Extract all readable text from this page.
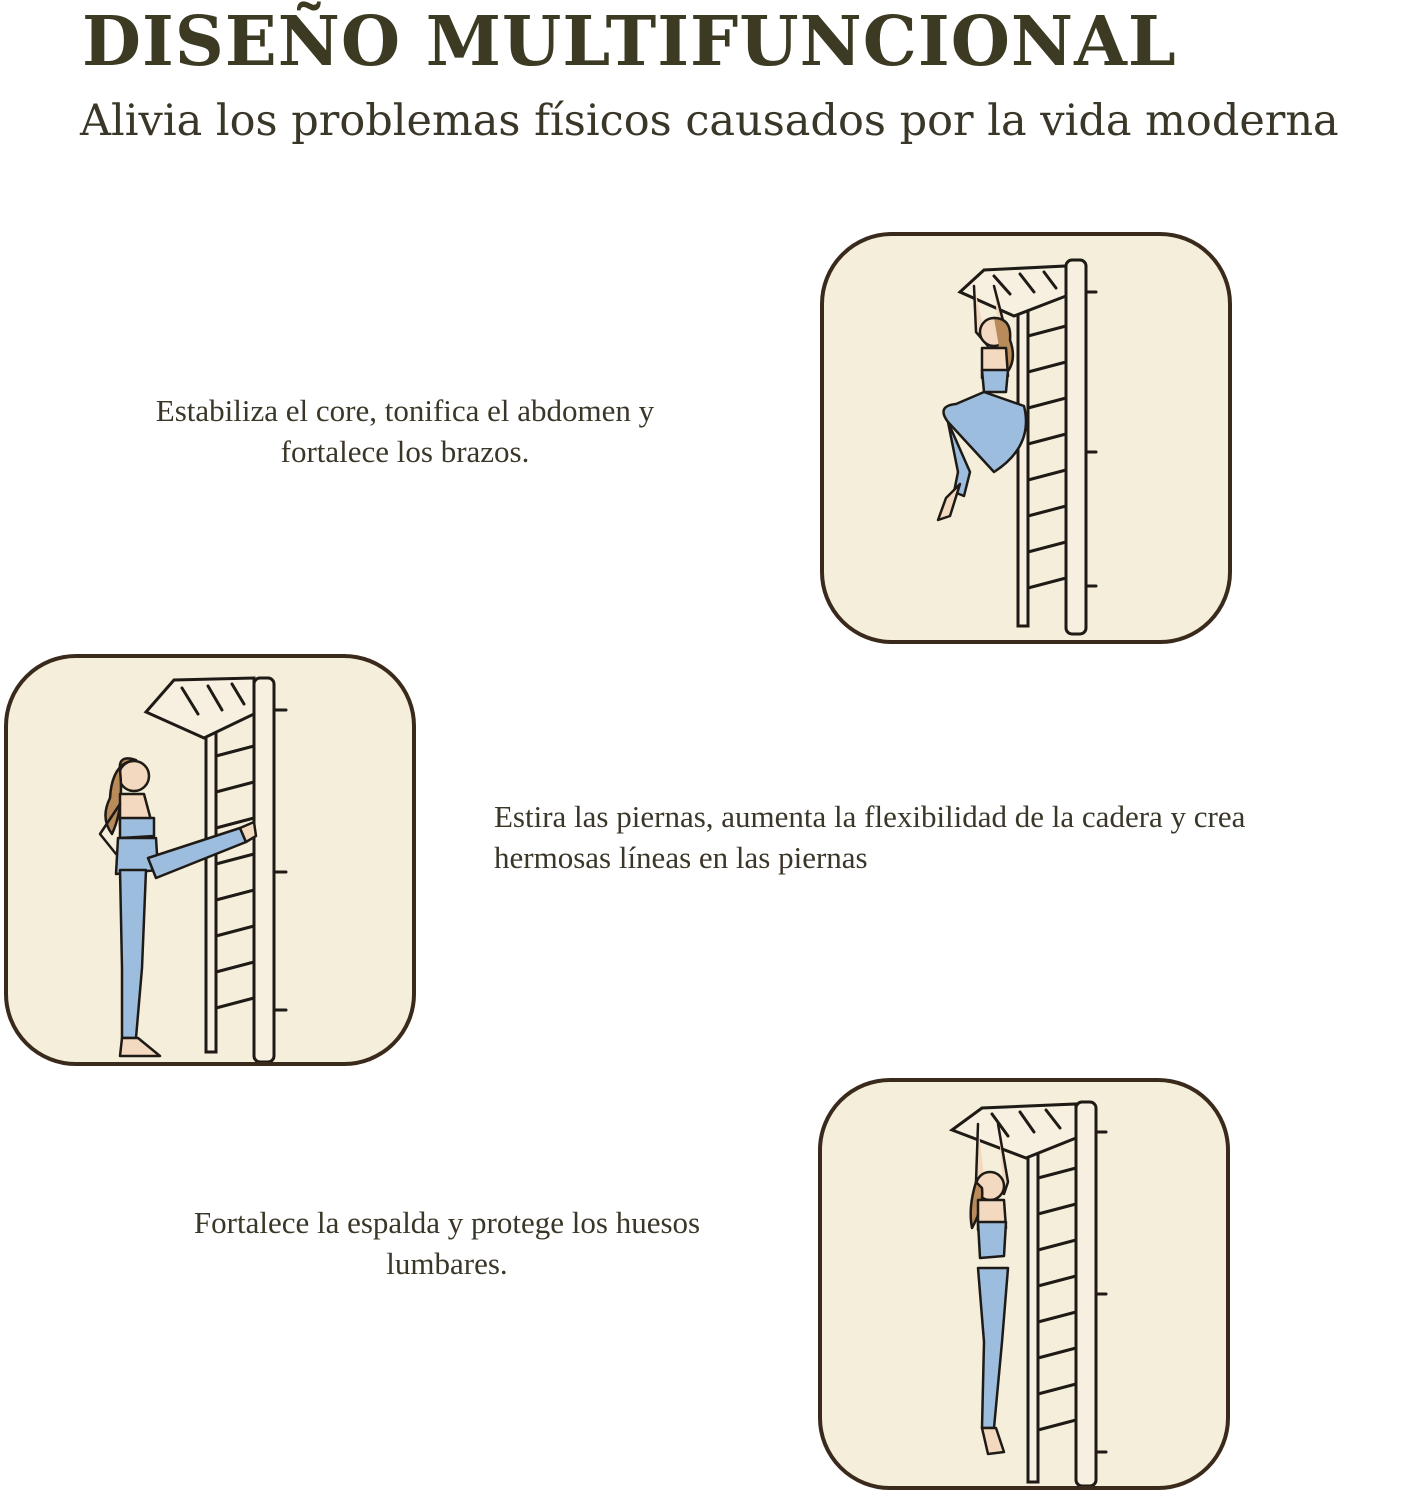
DISEÑO MULTIFUNCIONAL
Alivia los problemas físicos causados por la vida moderna
Estabiliza el core, tonifica el abdomen y
fortalece los brazos.
Estira las piernas, aumenta la flexibilidad de la cadera y crea
hermosas líneas en las piernas
Fortalece la espalda y protege los huesos
lumbares.
